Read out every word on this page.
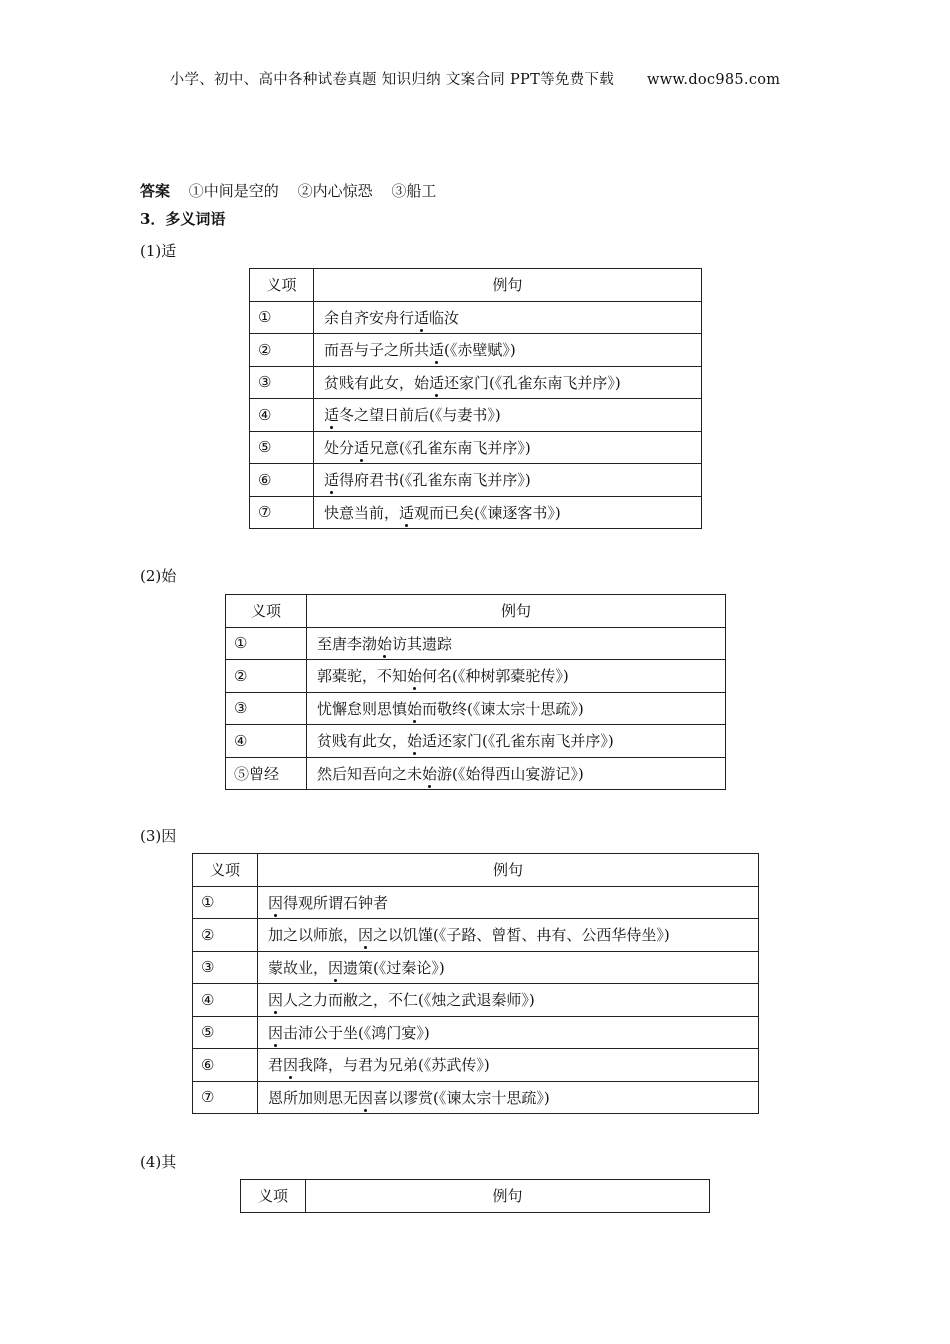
小学、初中、高中各种试卷真题 知识归纳 文案合同 PPT等免费下载 www.doc985.com
答案 ①中间是空的 ②内心惊恐 ③船工
3．多义词语
(1)适
义项	例句
①	余自齐安舟行适临汝
②	而吾与子之所共适(《赤壁赋》)
③	贫贱有此女，始适还家门(《孔雀东南飞并序》)
④	适冬之望日前后(《与妻书》)
⑤	处分适兄意(《孔雀东南飞并序》)
⑥	适得府君书(《孔雀东南飞并序》)
⑦	快意当前，适观而已矣(《谏逐客书》)
(2)始
义项	例句
①	至唐李渤始访其遗踪
②	郭橐驼，不知始何名(《种树郭橐驼传》)
③	忧懈怠则思慎始而敬终(《谏太宗十思疏》)
④	贫贱有此女，始适还家门(《孔雀东南飞并序》)
⑤曾经	然后知吾向之未始游(《始得西山宴游记》)
(3)因
义项	例句
①	因得观所谓石钟者
②	加之以师旅，因之以饥馑(《子路、曾皙、冉有、公西华侍坐》)
③	蒙故业，因遗策(《过秦论》)
④	因人之力而敝之，不仁(《烛之武退秦师》)
⑤	因击沛公于坐(《鸿门宴》)
⑥	君因我降，与君为兄弟(《苏武传》)
⑦	恩所加则思无因喜以谬赏(《谏太宗十思疏》)
(4)其
义项	例句
